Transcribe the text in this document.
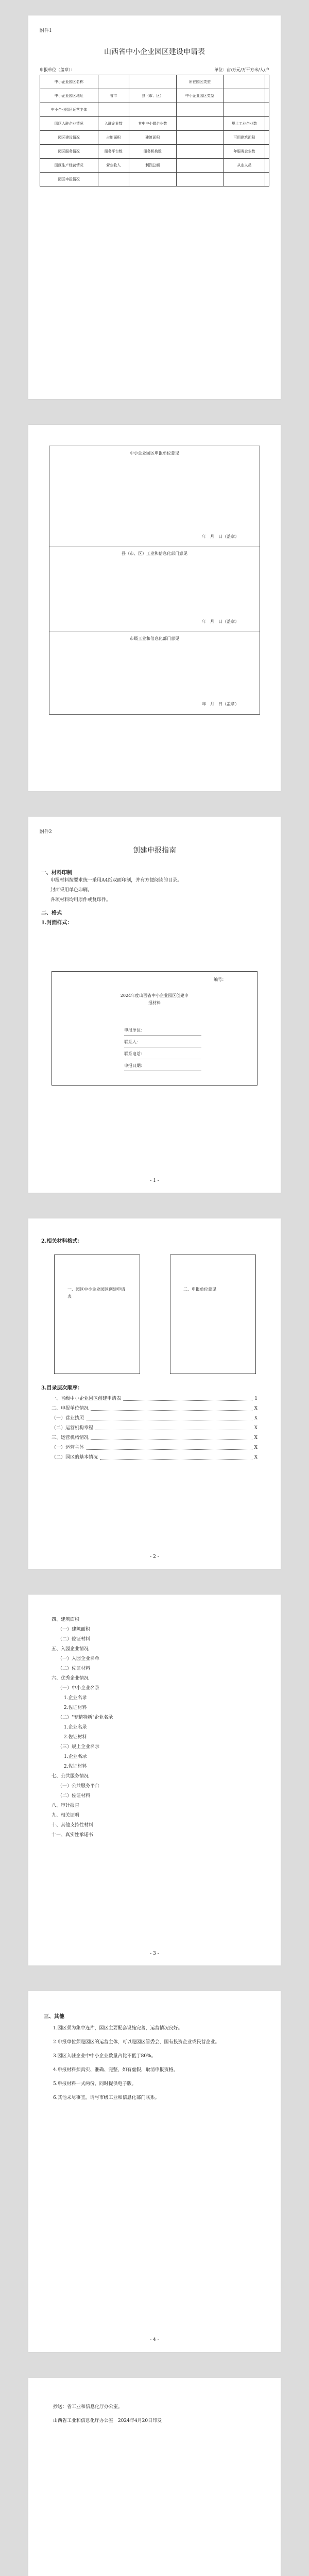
附件1
山西省中小企业园区建设申请表
申报单位（盖章）：	单位：亩/万元/万平方米/人/户
中小企业园区名称			所在园区类型		
中小企业园区地址	省市	县（市、区）	中小企业园区类型		
中小企业园区运营主体					
园区入驻企业情况	入驻企业数	其中中小微企业数		规上工业企业数	
园区建设情况	占地面积	建筑面积		可用建筑面积	
园区服务情况	服务平台数	服务机构数		年服务企业数	
园区生产经营情况	营业收入	利润总额		从业人员	
园区申报情况					
中小企业园区申报单位意见
年　月　日（盖章）
县（市、区）工业和信息化部门意见
年　月　日（盖章）
市级工业和信息化部门意见
年　月　日（盖章）
附件2
创建申报指南
一、材料印制

申报材料按要求统一采用A4纸双面印制，并有方便阅读的目录。

封面采用单色印刷。

各项材料均用原件或复印件。

二、格式
1.封面样式：
编号：
2024年度山西省中小企业园区创建申报材料
申报单位：
联系人：
联系电话：
申报日期：
- 1 -
2.相关材料格式：
一、园区中小企业园区创建申请表
二、申报单位意见
3.目录层次顺序：
一、省级中小企业园区创建申请表	1
二、申报单位情况	X
（一）营业执照	X
（二）运营机构章程	X
三、运营机构情况	X
（一）运营主体	X
（二）园区的基本情况	X
- 2 -
四、建筑面积
（一）建筑面积
（二）佐证材料
五、入园企业情况
（一）入园企业名单
（二）佐证材料
六、优秀企业情况
（一）中小企业名录
1.企业名录
2.佐证材料
（二）"专精特新"企业名录
1.企业名录
2.佐证材料
（三）规上企业名录
1.企业名录
2.佐证材料
七、公共服务情况
（一）公共服务平台
（二）佐证材料
八、审计报告
九、相关证明
十、其他支持性材料
十一、真实性承诺书
- 3 -
三、其他

1.园区须为集中连片，园区主要配套设施完善，运营情况良好。

2.申报单位须是园区的运营主体，可以是园区管委会、国有投资企业或民营企业。

3.园区入驻企业中中小企业数量占比不低于80%。

4.申报材料须真实、准确、完整，如有虚假，取消申报资格。

5.申报材料一式两份，同时提供电子版。

6.其他未尽事宜，请与市级工业和信息化部门联系。

- 4 -

抄送：省工业和信息化厅办公室。

山西省工业和信息化厅办公室　2024年4月20日印发
